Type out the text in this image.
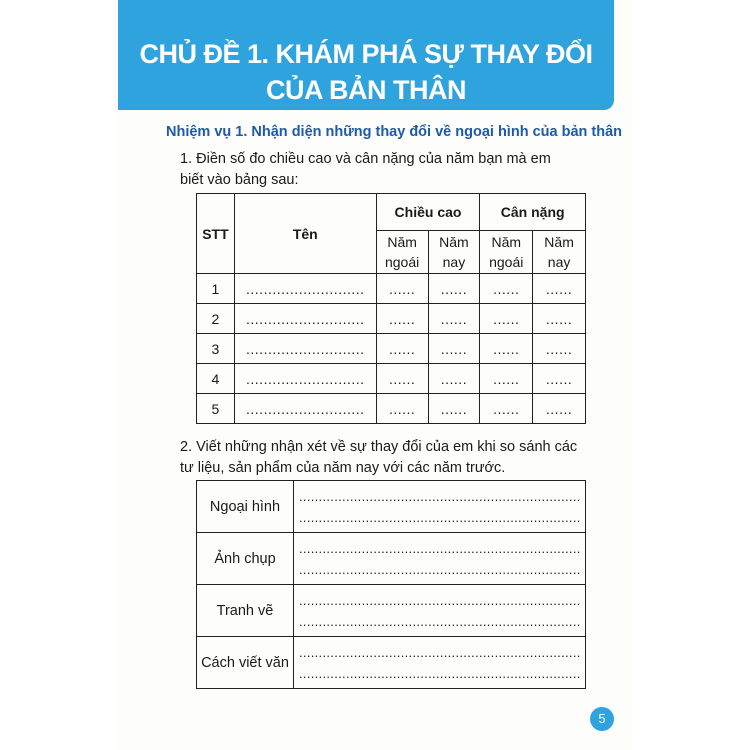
CHỦ ĐỀ 1. KHÁM PHÁ SỰ THAY ĐỔI
CỦA BẢN THÂN
Nhiệm vụ 1. Nhận diện những thay đổi về ngoại hình của bản thân
1. Điền số đo chiều cao và cân nặng của năm bạn mà em biết vào bảng sau:
STT	Tên	Chiều cao		Cân nặng	
		Năm ngoái	Năm nay	Năm ngoái	Năm nay
1	...........................	......	......	......	......
2	...........................	......	......	......	......
3	...........................	......	......	......	......
4	...........................	......	......	......	......
5	...........................	......	......	......	......
2. Viết những nhận xét về sự thay đổi của em khi so sánh các tư liệu, sản phẩm của năm nay với các năm trước.
Ngoại hình	........................................................................
........................................................................

Ảnh chụp	........................................................................
........................................................................

Tranh vẽ	........................................................................
........................................................................

Cách viết văn	........................................................................
........................................................................
5
